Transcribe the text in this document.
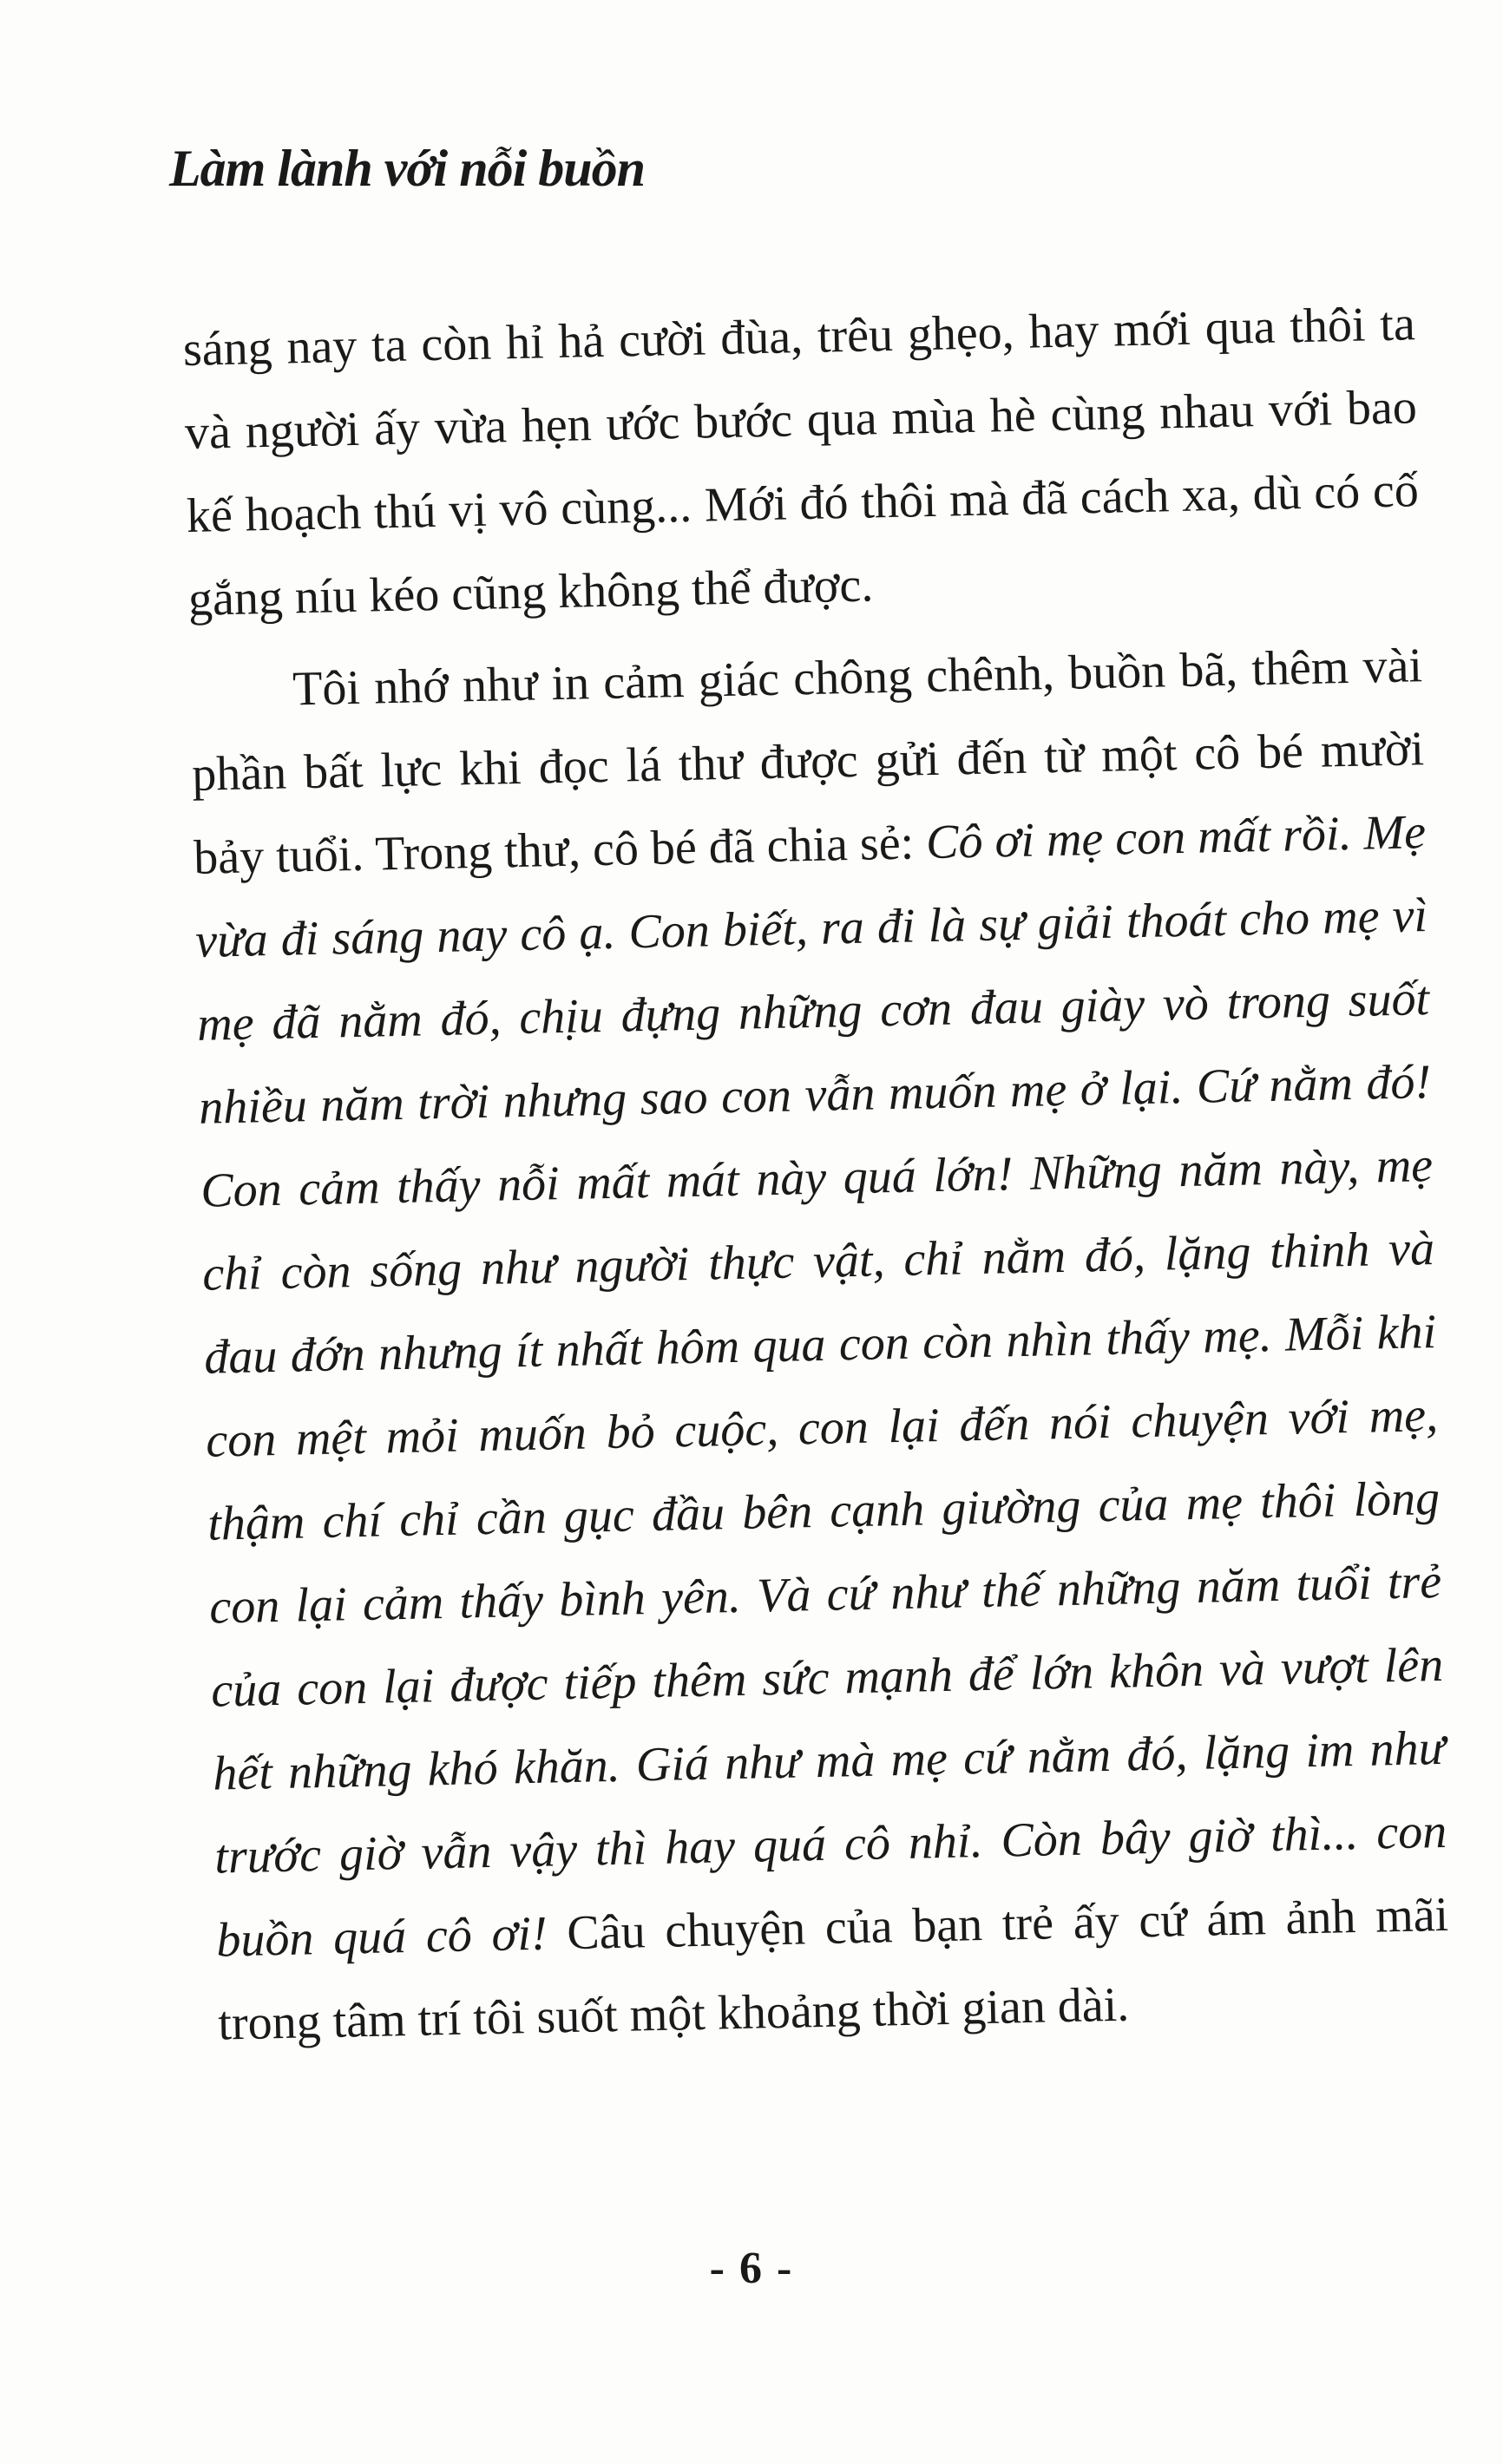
Làm lành với nỗi buồn

sáng nay ta còn hỉ hả cười đùa, trêu ghẹo, hay mới qua thôi ta và người ấy vừa hẹn ước bước qua mùa hè cùng nhau với bao kế hoạch thú vị vô cùng... Mới đó thôi mà đã cách xa, dù có cố gắng níu kéo cũng không thể được.

Tôi nhớ như in cảm giác chông chênh, buồn bã, thêm vài phần bất lực khi đọc lá thư được gửi đến từ một cô bé mười bảy tuổi. Trong thư, cô bé đã chia sẻ: Cô ơi mẹ con mất rồi. Mẹ vừa đi sáng nay cô ạ. Con biết, ra đi là sự giải thoát cho mẹ vì mẹ đã nằm đó, chịu đựng những cơn đau giày vò trong suốt nhiều năm trời nhưng sao con vẫn muốn mẹ ở lại. Cứ nằm đó! Con cảm thấy nỗi mất mát này quá lớn! Những năm này, mẹ chỉ còn sống như người thực vật, chỉ nằm đó, lặng thinh và đau đớn nhưng ít nhất hôm qua con còn nhìn thấy mẹ. Mỗi khi con mệt mỏi muốn bỏ cuộc, con lại đến nói chuyện với mẹ, thậm chí chỉ cần gục đầu bên cạnh giường của mẹ thôi lòng con lại cảm thấy bình yên. Và cứ như thế những năm tuổi trẻ của con lại được tiếp thêm sức mạnh để lớn khôn và vượt lên hết những khó khăn. Giá như mà mẹ cứ nằm đó, lặng im như trước giờ vẫn vậy thì hay quá cô nhỉ. Còn bây giờ thì... con buồn quá cô ơi! Câu chuyện của bạn trẻ ấy cứ ám ảnh mãi trong tâm trí tôi suốt một khoảng thời gian dài.

- 6 -
